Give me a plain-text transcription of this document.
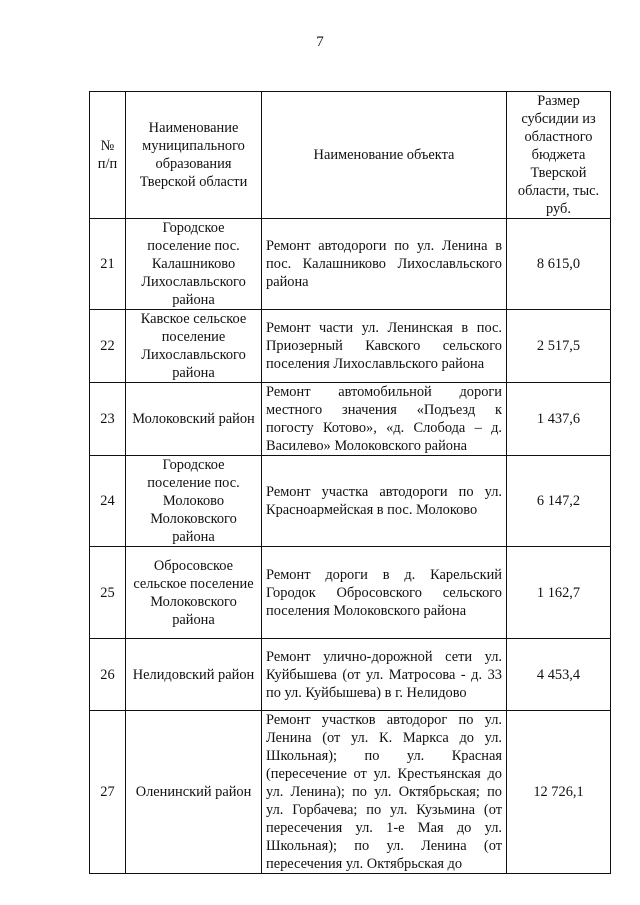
7
№ п/п	Наименование муниципального образования Тверской области	Наименование объекта	Размер субсидии из областного бюджета Тверской области, тыс. руб.
21	Городское поселение пос. Калашниково Лихославльского района	Ремонт автодороги по ул. Ленина в пос. Калашниково Лихославльского района	8 615,0
22	Кавское сельское поселение Лихославльского района	Ремонт части ул. Ленинская в пос. Приозерный Кавского сельского поселения Лихославльского района	2 517,5
23	Молоковский район	Ремонт автомобильной дороги местного значения «Подъезд к погосту Котово», «д. Слобода – д. Василево» Молоковского района	1 437,6
24	Городское поселение пос. Молоково Молоковского района	Ремонт участка автодороги по ул. Красноармейская в пос. Молоково	6 147,2
25	Обросовское сельское поселение Молоковского района	Ремонт дороги в д. Карельский Городок Обросовского сельского поселения Молоковского района	1 162,7
26	Нелидовский район	Ремонт улично-дорожной сети ул. Куйбышева (от ул. Матросова - д. 33 по ул. Куйбышева) в г. Нелидово	4 453,4
27	Оленинский район	Ремонт участков автодорог по ул. Ленина (от ул. К. Маркса до ул. Школьная); по ул. Красная (пересечение от ул. Крестьянская до ул. Ленина); по ул. Октябрьская; по ул. Горбачева; по ул. Кузьмина (от пересечения ул. 1-е Мая до ул. Школьная); по ул. Ленина (от пересечения ул. Октябрьская до	12 726,1
